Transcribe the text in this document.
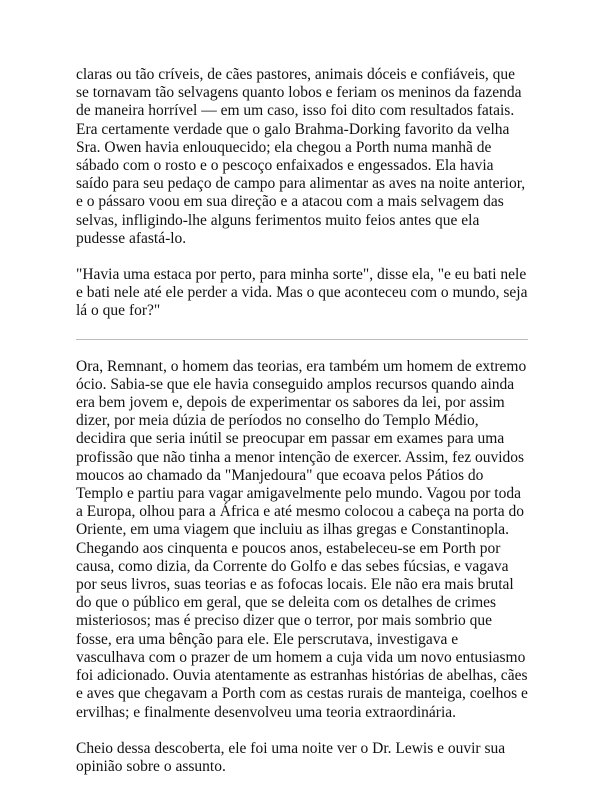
claras ou tão críveis, de cães pastores, animais dóceis e confiáveis, que se tornavam tão selvagens quanto lobos e feriam os meninos da fazenda de maneira horrível — em um caso, isso foi dito com resultados fatais. Era certamente verdade que o galo Brahma-Dorking favorito da velha Sra. Owen havia enlouquecido; ela chegou a Porth numa manhã de sábado com o rosto e o pescoço enfaixados e engessados. Ela havia saído para seu pedaço de campo para alimentar as aves na noite anterior, e o pássaro voou em sua direção e a atacou com a mais selvagem das selvas, infligindo-lhe alguns ferimentos muito feios antes que ela pudesse afastá-lo.

"Havia uma estaca por perto, para minha sorte", disse ela, "e eu bati nele e bati nele até ele perder a vida. Mas o que aconteceu com o mundo, seja lá o que for?"

Ora, Remnant, o homem das teorias, era também um homem de extremo ócio. Sabia-se que ele havia conseguido amplos recursos quando ainda era bem jovem e, depois de experimentar os sabores da lei, por assim dizer, por meia dúzia de períodos no conselho do Templo Médio, decidira que seria inútil se preocupar em passar em exames para uma profissão que não tinha a menor intenção de exercer. Assim, fez ouvidos moucos ao chamado da "Manjedoura" que ecoava pelos Pátios do Templo e partiu para vagar amigavelmente pelo mundo. Vagou por toda a Europa, olhou para a África e até mesmo colocou a cabeça na porta do Oriente, em uma viagem que incluiu as ilhas gregas e Constantinopla. Chegando aos cinquenta e poucos anos, estabeleceu-se em Porth por causa, como dizia, da Corrente do Golfo e das sebes fúcsias, e vagava por seus livros, suas teorias e as fofocas locais. Ele não era mais brutal do que o público em geral, que se deleita com os detalhes de crimes misteriosos; mas é preciso dizer que o terror, por mais sombrio que fosse, era uma bênção para ele. Ele perscrutava, investigava e vasculhava com o prazer de um homem a cuja vida um novo entusiasmo foi adicionado. Ouvia atentamente as estranhas histórias de abelhas, cães e aves que chegavam a Porth com as cestas rurais de manteiga, coelhos e ervilhas; e finalmente desenvolveu uma teoria extraordinária.

Cheio dessa descoberta, ele foi uma noite ver o Dr. Lewis e ouvir sua opinião sobre o assunto.
